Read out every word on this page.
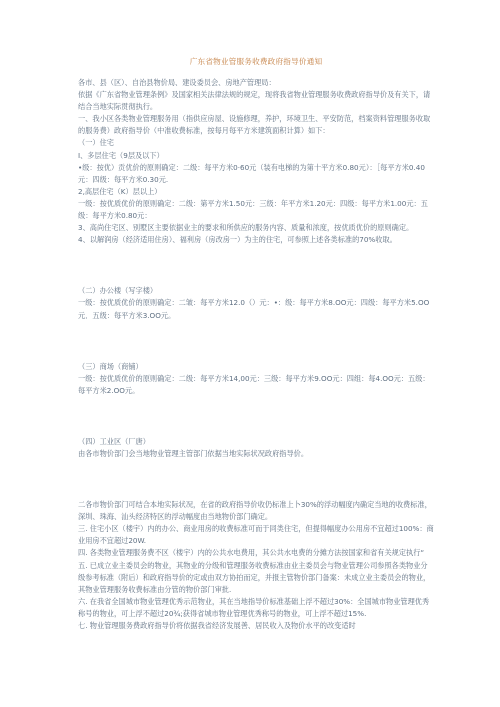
广东省物业管服务收费政府指导价通知

各市、县（区）、自治县物价局、建设委员会、房地产管理局：

依据《广东省物业管理条例》及国家相关法律法规的规定，现将我省物业管理服务收费政府指导价及有关下，请结合当地实际贯彻执行。

一、我小区各类物业管理服务用（指供应房屋、设施修理，养护，环境卫生、平安防范，档案资料管理服务收取的服务费）政府指导价（中准收费标准，按每月每平方米建筑面积计算）如下：

（一）住宅

Ⅰ、多层住宅（9层及以下）

•级：按优）贡优价的原则确定：二级：每平方米0·60元（装有电梯的为第十平方米0.80元）：［每平方米0.40元：四级：每平方米0.30元.

2,高层住宅（K）层以上）

一级：按优质优价的原则确定：二级：第平方米1.50元：三级：年平方米1.20元：四级：每平方米1.00元：五级：每平方米0.80元：

3、高尚住宅区、别墅区主要依据业主的要求和所供应的服务内容、质量和浓度，按优质优价的原则确定。

4、以解润房（经济适用住房）、福利房（房改房一）为主的住宅，可参照上述各类标准的70%收取。

（二）办公楼（写字楼）

一级：按优质优价的原则确定：二皱：每平方米12.0（）元：•：级：每平方米8.OO元：四级：每平方米5.OO元．五级：每平方米3.OO元。

（三）商场（商铺）

一级：按优质优价的原则确定：二级：每平方米14,00元：三级：每平方米9.OO元：四组：每4.OO元：五级：每平方米2.OO元。

（四）工业区（厂唐）

由各市物价部门会当地物业管理主管部门依据当地实际状况政府指导价。

二各市物价部门可结合本地实际状况，在省的政府指导价收仍标准上卜30%的浮动幅度内确定当地的收费标准，深圳、珠海、汕头经济特区的浮动幅度由当地物价部门确定。

三. 住宅小区（楼宇）内的办公、商业用房的收费标准可而于同类住宅，但提得幅度办公用房不宜超过100%：商业用房不宜超过20W.

四. 各类物业管理服务费不区（楼宇）内的公共水电费用，其公共水电费的分摊方法按国家和省有关规定执行“

五. 已成立业主委员会的物业，其物业的分级和管理服务收费标准由业主委员会与物业管理公司参照各类物业分级参考标准（附后）和政府指导价的定或由双方协拍而定，并报主管物价部门备案：未成立业主委员会的物业，其物业管理服务收费标准由分管的物价部门审批.

六. 在我省全国城市物业管理优秀示范物业，其在当地指导价标准基础上浮不超过30%：全国城市物业管理优秀称号的物业，可上浮不超过20¾;获得省城市物业管理优秀称号的物业，可上浮不超过15%.

七. 物业管理服务费政府指导价将依据我省经济发展善、居民收入及物价水平的改变适时
